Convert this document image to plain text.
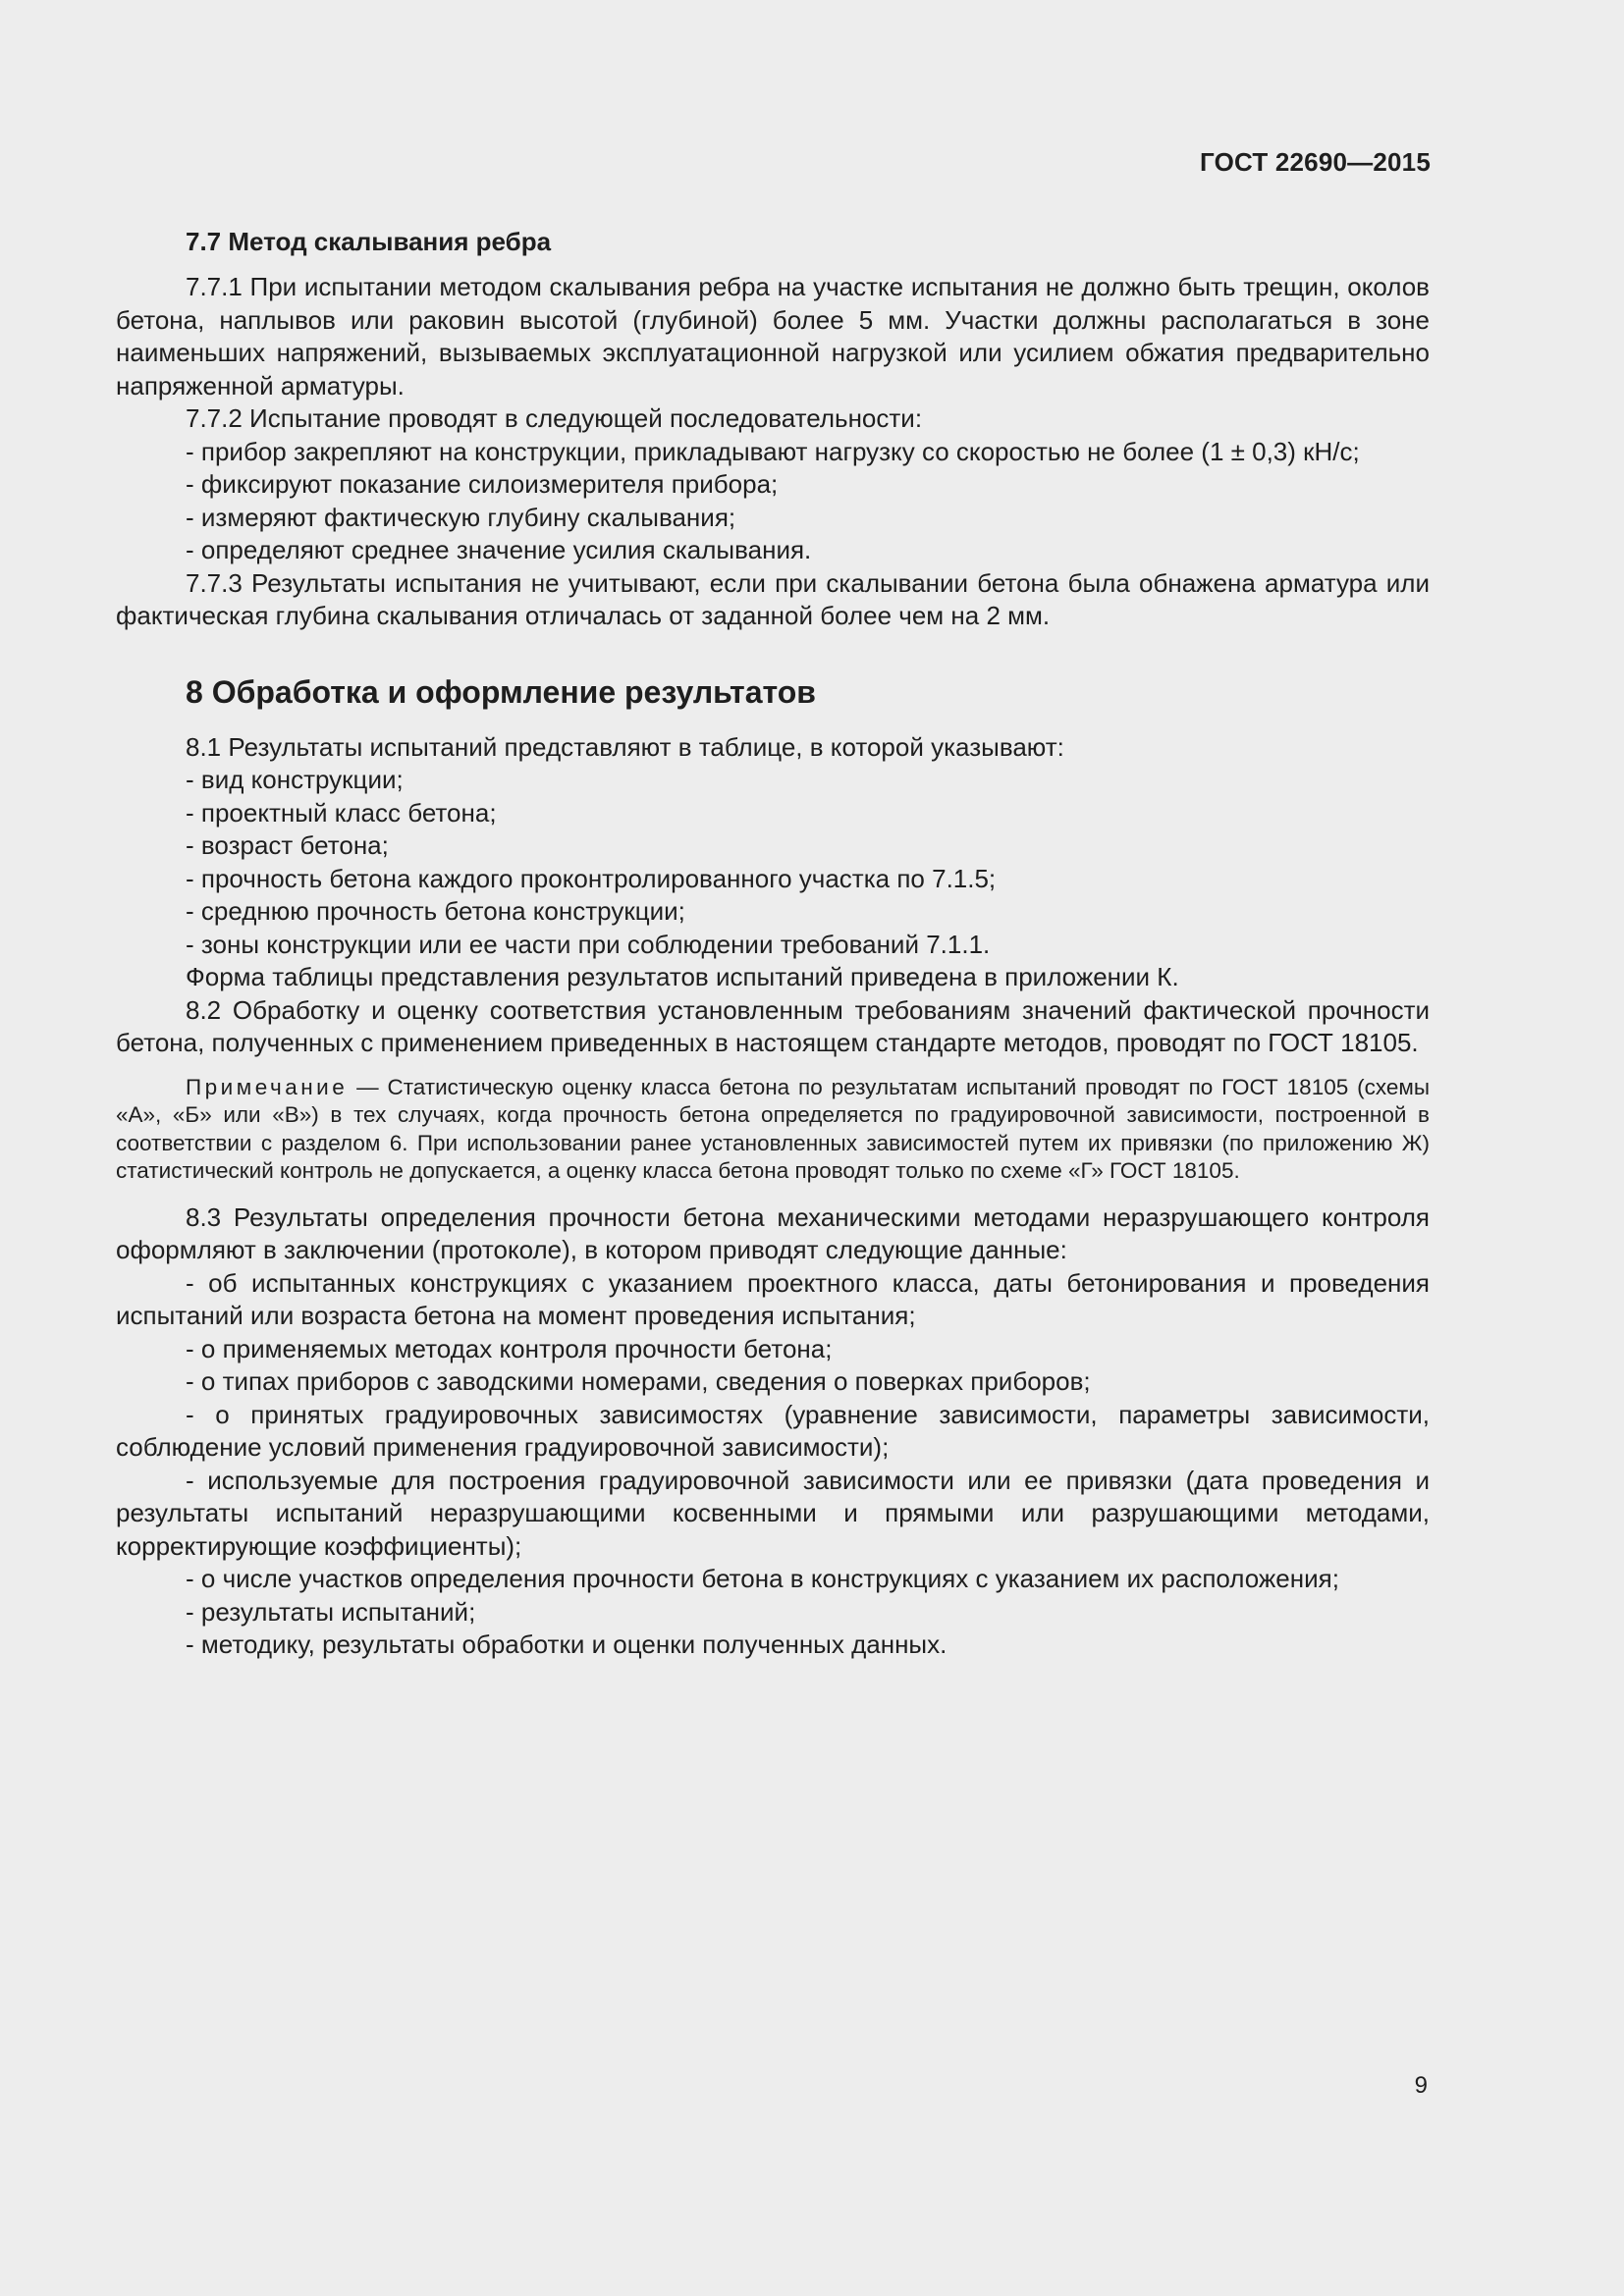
ГОСТ 22690—2015
7.7 Метод скалывания ребра

7.7.1 При испытании методом скалывания ребра на участке испытания не должно быть трещин, околов бетона, наплывов или раковин высотой (глубиной) более 5 мм. Участки должны располагаться в зоне наименьших напряжений, вызываемых эксплуатационной нагрузкой или усилием обжатия предварительно напряженной арматуры.

7.7.2 Испытание проводят в следующей последовательности:

- прибор закрепляют на конструкции, прикладывают нагрузку со скоростью не более (1 ± 0,3) кН/с;

- фиксируют показание силоизмерителя прибора;

- измеряют фактическую глубину скалывания;

- определяют среднее значение усилия скалывания.

7.7.3 Результаты испытания не учитывают, если при скалывании бетона была обнажена арматура или фактическая глубина скалывания отличалась от заданной более чем на 2 мм.

8 Обработка и оформление результатов

8.1 Результаты испытаний представляют в таблице, в которой указывают:

- вид конструкции;

- проектный класс бетона;

- возраст бетона;

- прочность бетона каждого проконтролированного участка по 7.1.5;

- среднюю прочность бетона конструкции;

- зоны конструкции или ее части при соблюдении требований 7.1.1.

Форма таблицы представления результатов испытаний приведена в приложении К.

8.2 Обработку и оценку соответствия установленным требованиям значений фактической прочности бетона, полученных с применением приведенных в настоящем стандарте методов, проводят по ГОСТ 18105.

Примечание — Статистическую оценку класса бетона по результатам испытаний проводят по ГОСТ 18105 (схемы «А», «Б» или «В») в тех случаях, когда прочность бетона определяется по градуировочной зависимости, построенной в соответствии с разделом 6. При использовании ранее установленных зависимостей путем их привязки (по приложению Ж) статистический контроль не допускается, а оценку класса бетона проводят только по схеме «Г» ГОСТ 18105.

8.3 Результаты определения прочности бетона механическими методами неразрушающего контроля оформляют в заключении (протоколе), в котором приводят следующие данные:

- об испытанных конструкциях с указанием проектного класса, даты бетонирования и проведения испытаний или возраста бетона на момент проведения испытания;

- о применяемых методах контроля прочности бетона;

- о типах приборов с заводскими номерами, сведения о поверках приборов;

- о принятых градуировочных зависимостях (уравнение зависимости, параметры зависимости, соблюдение условий применения градуировочной зависимости);

- используемые для построения градуировочной зависимости или ее привязки (дата проведения и результаты испытаний неразрушающими косвенными и прямыми или разрушающими методами, корректирующие коэффициенты);

- о числе участков определения прочности бетона в конструкциях с указанием их расположения;

- результаты испытаний;

- методику, результаты обработки и оценки полученных данных.

9
